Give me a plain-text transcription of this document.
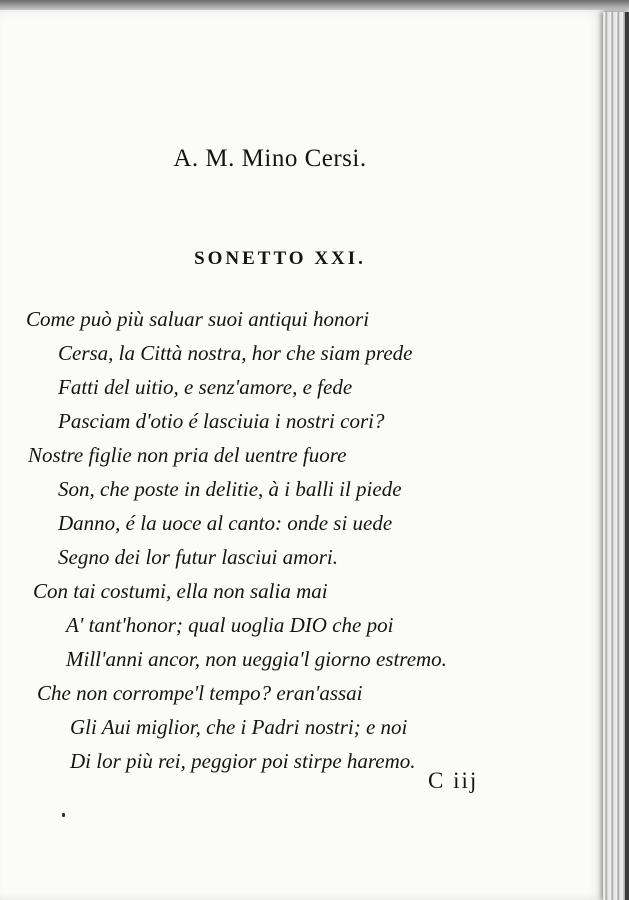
A. M. Mino Cersi.
SONETTO XXI.
Come può più saluar suoi antiqui honori
Cersa, la Città nostra, hor che siam prede
Fatti del uitio, e senz'amore, e fede
Pasciam d'otio é lasciuia i nostri cori?
Nostre figlie non pria del uentre fuore
Son, che poste in delitie, à i balli il piede
Danno, é la uoce al canto: onde si uede
Segno dei lor futur lasciui amori.
Con tai costumi, ella non salia mai
A' tant'honor; qual uoglia DIO che poi
Mill'anni ancor, non ueggia'l giorno estremo.
Che non corrompe'l tempo? eran'assai
Gli Aui miglior, che i Padri nostri; e noi
Di lor più rei, peggior poi stirpe haremo.
C iij
